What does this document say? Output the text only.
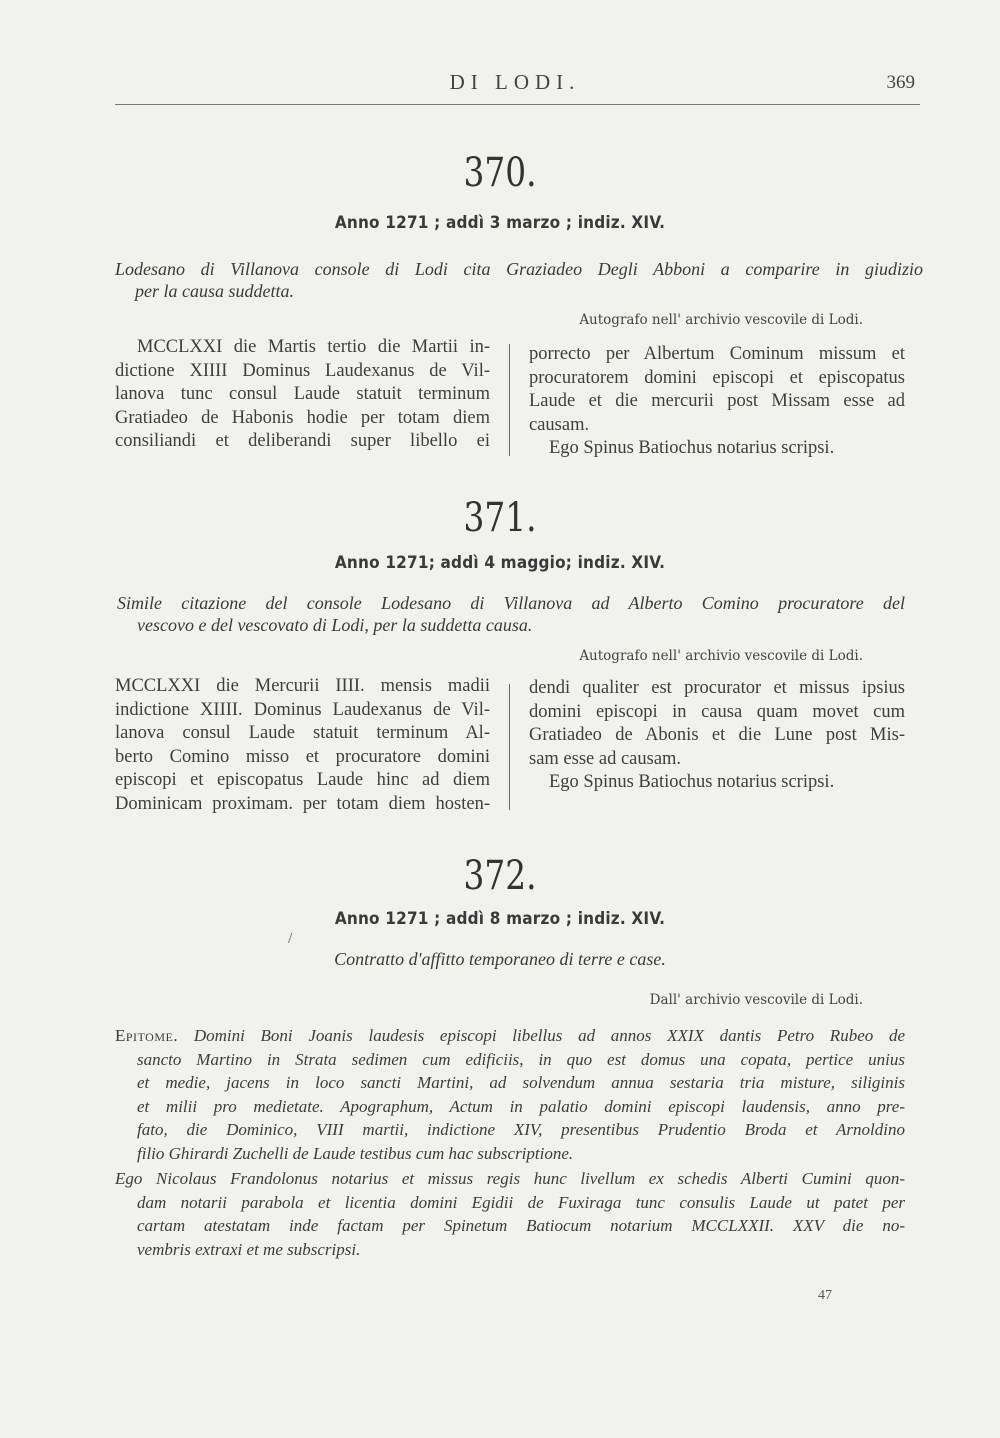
DI LODI.	369
370.
Anno 1271 ; addì 3 marzo ; indiz. XIV.
Lodesano di Villanova console di Lodi cita Graziadeo Degli Abboni a comparire in giudizio
per la causa suddetta.
Autografo nell' archivio vescovile di Lodi.
MCCLXXI die Martis tertio die Martii in-
dictione XIIII Dominus Laudexanus de Vil-
lanova tunc consul Laude statuit terminum
Gratiadeo de Habonis hodie per totam diem
consiliandi et deliberandi super libello ei
porrecto per Albertum Cominum missum et
procuratorem domini episcopi et episcopatus
Laude et die mercurii post Missam esse ad
causam.
Ego Spinus Batiochus notarius scripsi.
371.
Anno 1271; addì 4 maggio; indiz. XIV.
Simile citazione del console Lodesano di Villanova ad Alberto Comino procuratore del
vescovo e del vescovato di Lodi, per la suddetta causa.
Autografo nell' archivio vescovile di Lodi.
MCCLXXI die Mercurii IIII. mensis madii
indictione XIIII. Dominus Laudexanus de Vil-
lanova consul Laude statuit terminum Al-
berto Comino misso et procuratore domini
episcopi et episcopatus Laude hinc ad diem
Dominicam proximam. per totam diem hosten-
dendi qualiter est procurator et missus ipsius
domini episcopi in causa quam movet cum
Gratiadeo de Abonis et die Lune post Mis-
sam esse ad causam.
Ego Spinus Batiochus notarius scripsi.
372.
Anno 1271 ; addì 8 marzo ; indiz. XIV.
/
Contratto d'affitto temporaneo di terre e case.
Dall' archivio vescovile di Lodi.
Epitome. Domini Boni Joanis laudesis episcopi libellus ad annos XXIX dantis Petro Rubeo de
sancto Martino in Strata sedimen cum edificiis, in quo est domus una copata, pertice unius
et medie, jacens in loco sancti Martini, ad solvendum annua sestaria tria misture, siliginis
et milii pro medietate. Apographum, Actum in palatio domini episcopi laudensis, anno pre-
fato, die Dominico, VIII martii, indictione XIV, presentibus Prudentio Broda et Arnoldino
filio Ghirardi Zuchelli de Laude testibus cum hac subscriptione.
Ego Nicolaus Frandolonus notarius et missus regis hunc livellum ex schedis Alberti Cumini quon-
dam notarii parabola et licentia domini Egidii de Fuxiraga tunc consulis Laude ut patet per
cartam atestatam inde factam per Spinetum Batiocum notarium MCCLXXII. XXV die no-
vembris extraxi et me subscripsi.
47
